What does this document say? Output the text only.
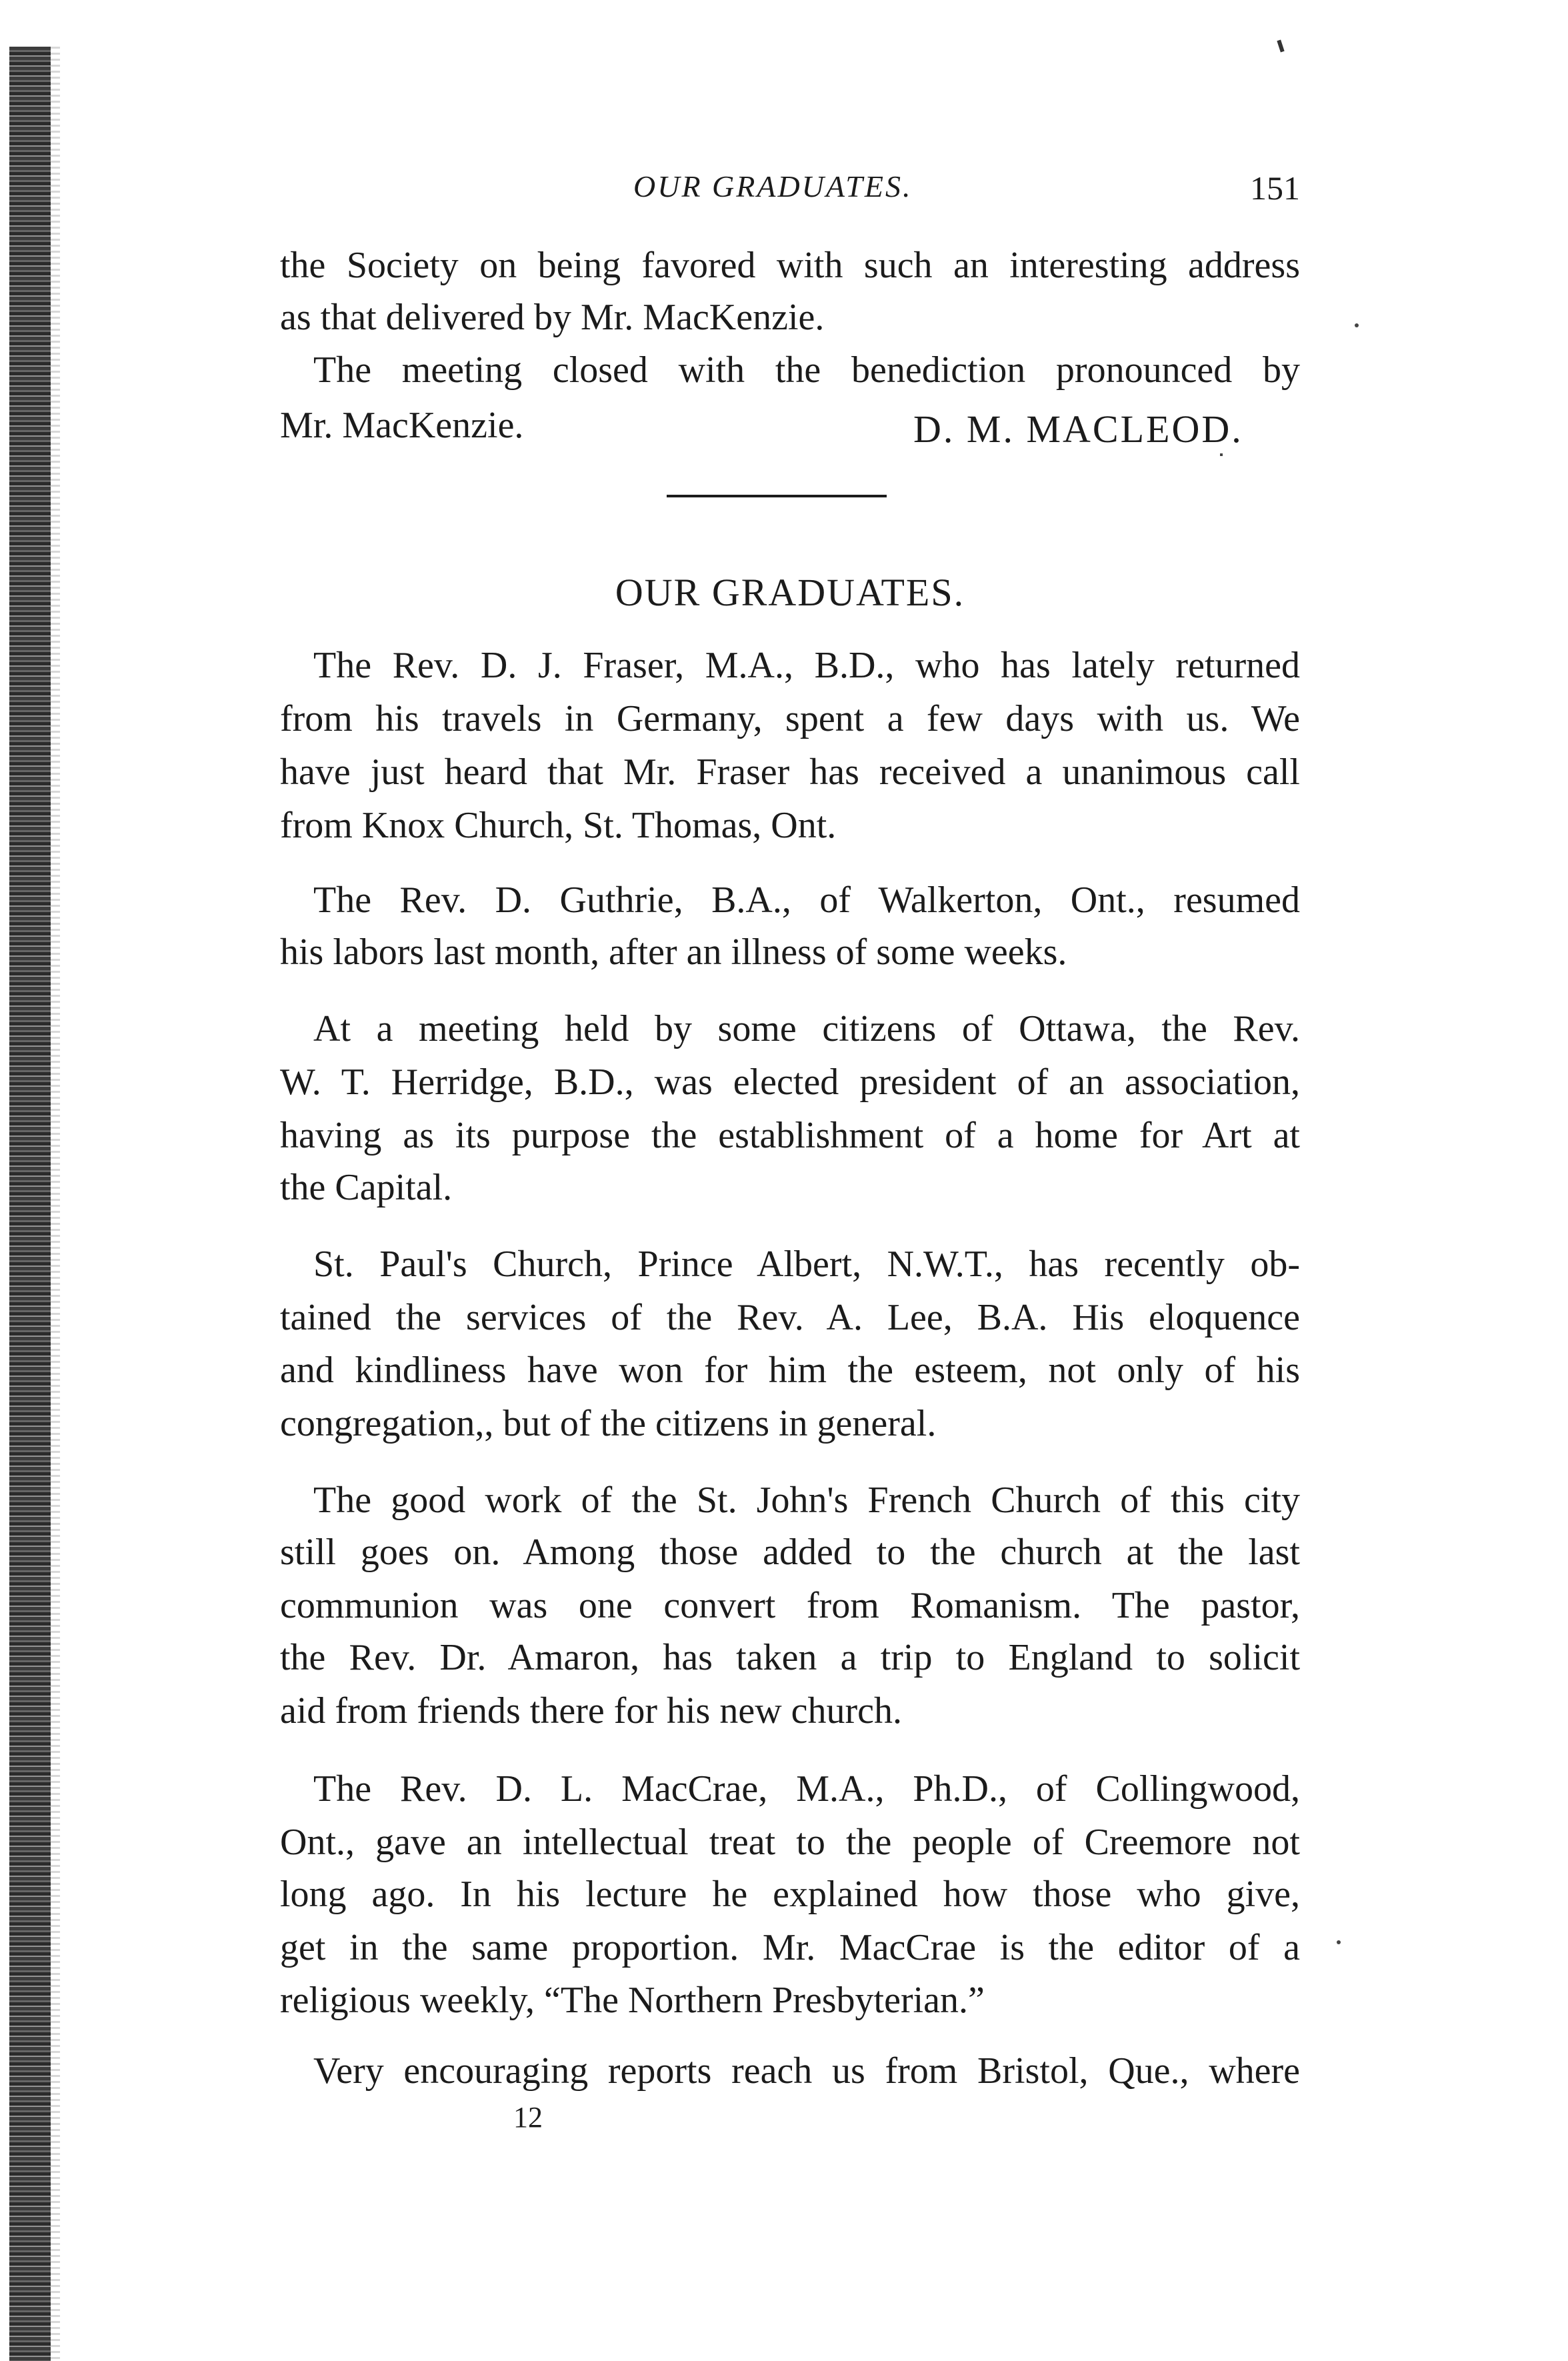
OUR GRADUATES.	151
the Society on being favored with such an interesting address
as that delivered by Mr. MacKenzie.
The meeting closed with the benediction pronounced by
Mr. MacKenzie.	D. M. MACLEOD.
OUR GRADUATES.
The Rev. D. J. Fraser, M.A., B.D., who has lately returned
from his travels in Germany, spent a few days with us. We
have just heard that Mr. Fraser has received a unanimous call
from Knox Church, St. Thomas, Ont.
The Rev. D. Guthrie, B.A., of Walkerton, Ont., resumed
his labors last month, after an illness of some weeks.
At a meeting held by some citizens of Ottawa, the Rev.
W. T. Herridge, B.D., was elected president of an association,
having as its purpose the establishment of a home for Art at
the Capital.
St. Paul's Church, Prince Albert, N.W.T., has recently ob-
tained the services of the Rev. A. Lee, B.A. His eloquence
and kindliness have won for him the esteem, not only of his
congregation,, but of the citizens in general.
The good work of the St. John's French Church of this city
still goes on. Among those added to the church at the last
communion was one convert from Romanism. The pastor,
the Rev. Dr. Amaron, has taken a trip to England to solicit
aid from friends there for his new church.
The Rev. D. L. MacCrae, M.A., Ph.D., of Collingwood,
Ont., gave an intellectual treat to the people of Creemore not
long ago. In his lecture he explained how those who give,
get in the same proportion. Mr. MacCrae is the editor of a
religious weekly, “The Northern Presbyterian.”
Very encouraging reports reach us from Bristol, Que., where
12
